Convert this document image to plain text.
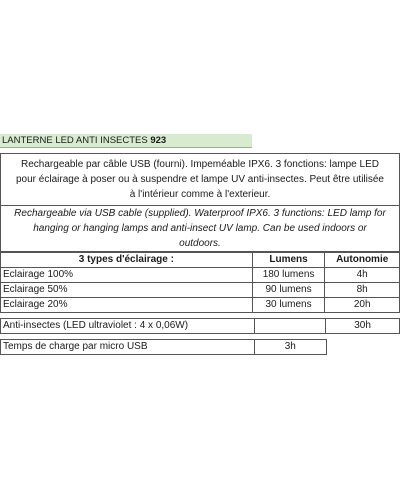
LANTERNE LED ANTI INSECTES 923
Rechargeable par câble USB (fourni). Impeméable IPX6. 3 fonctions: lampe LED
pour éclairage à poser ou à suspendre et lampe UV anti-insectes. Peut être utilisée
à l'intérieur comme à l'exterieur.
Rechargeable via USB cable (supplied). Waterproof IPX6. 3 functions: LED lamp for
hanging or hanging lamps and anti-insect UV lamp. Can be used indoors or
outdoors.
3 types d'éclairage :	Lumens	Autonomie
Eclairage 100%	180 lumens	4h
Eclairage 50%	90 lumens	8h
Eclairage 20%	30 lumens	20h
Anti-insectes (LED ultraviolet : 4 x 0,06W)		30h
Temps de charge par micro USB	3h	
